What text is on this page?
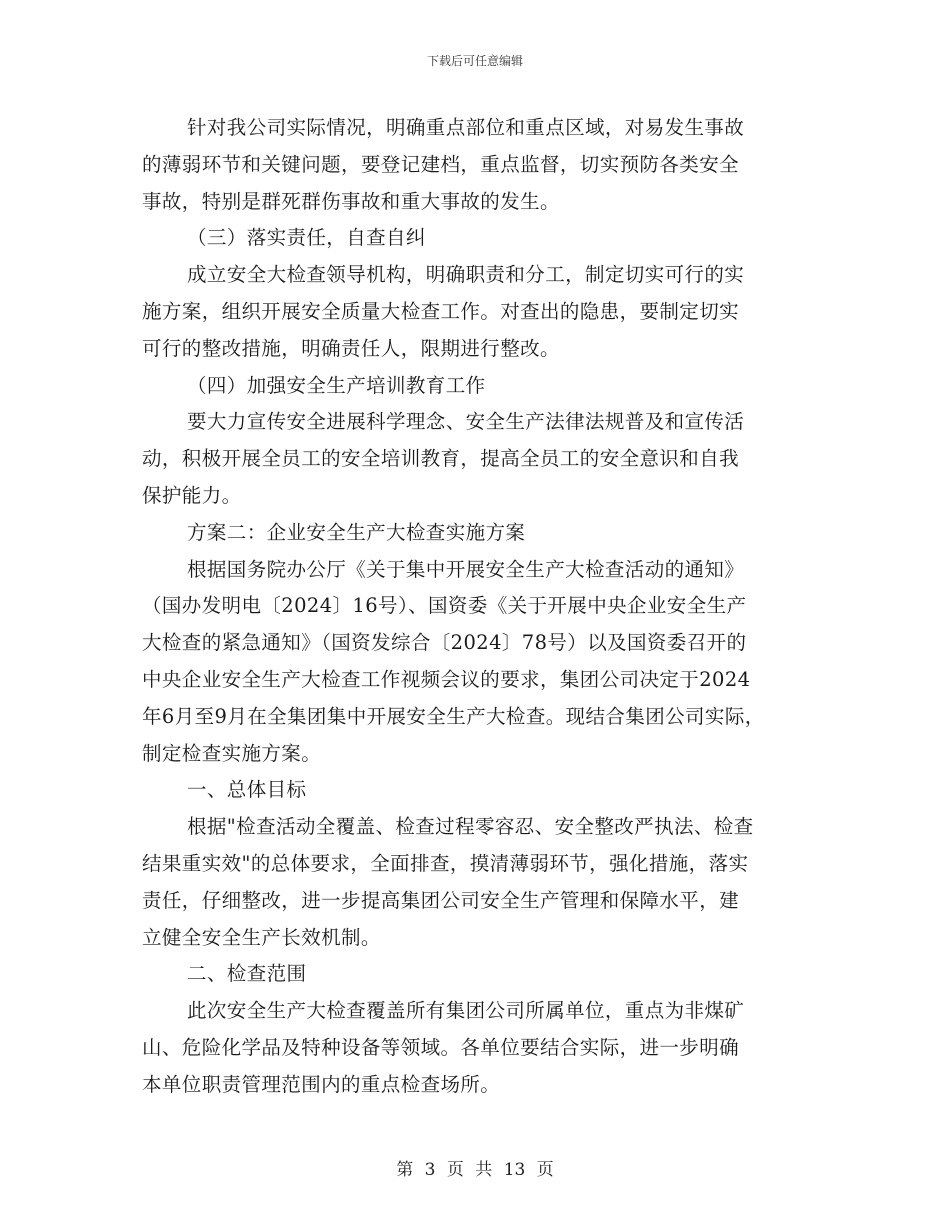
下载后可任意编辑
针对我公司实际情况，明确重点部位和重点区域，对易发生事故
的薄弱环节和关键问题，要登记建档，重点监督，切实预防各类安全
事故，特别是群死群伤事故和重大事故的发生。
（三）落实责任，自查自纠
成立安全大检查领导机构，明确职责和分工，制定切实可行的实
施方案，组织开展安全质量大检查工作。对查出的隐患，要制定切实
可行的整改措施，明确责任人，限期进行整改。
（四）加强安全生产培训教育工作
要大力宣传安全进展科学理念、安全生产法律法规普及和宣传活
动，积极开展全员工的安全培训教育，提高全员工的安全意识和自我
保护能力。
方案二：企业安全生产大检查实施方案
根据国务院办公厅《关于集中开展安全生产大检查活动的通知》
（国办发明电〔2024〕16号）、国资委《关于开展中央企业安全生产
大检查的紧急通知》（国资发综合〔2024〕78号）以及国资委召开的
中央企业安全生产大检查工作视频会议的要求，集团公司决定于2024
年6月至9月在全集团集中开展安全生产大检查。现结合集团公司实际，
制定检查实施方案。
一、总体目标
根据"检查活动全覆盖、检查过程零容忍、安全整改严执法、检查
结果重实效"的总体要求，全面排查，摸清薄弱环节，强化措施，落实
责任，仔细整改，进一步提高集团公司安全生产管理和保障水平，建
立健全安全生产长效机制。
二、检查范围
此次安全生产大检查覆盖所有集团公司所属单位，重点为非煤矿
山、危险化学品及特种设备等领域。各单位要结合实际，进一步明确
本单位职责管理范围内的重点检查场所。
第 3 页 共 13 页
